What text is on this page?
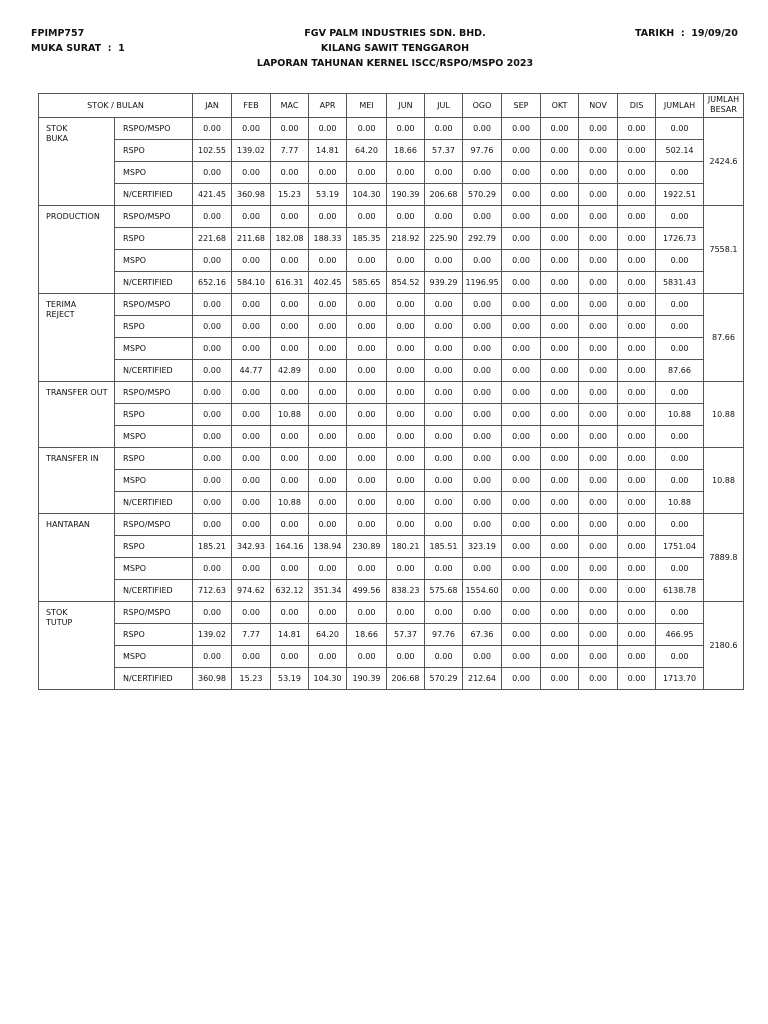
FPIMP757
MUKA SURAT  :  1
FGV PALM INDUSTRIES SDN. BHD.
KILANG SAWIT TENGGAROH
LAPORAN TAHUNAN KERNEL ISCC/RSPO/MSPO 2023
TARIKH  :  19/09/20
STOK / BULAN		JAN	FEB	MAC	APR	MEI	JUN	JUL	OGO	SEP	OKT	NOV	DIS	JUMLAH	JUMLAH
BESAR
STOK
BUKA	RSPO/MSPO	0.00	0.00	0.00	0.00	0.00	0.00	0.00	0.00	0.00	0.00	0.00	0.00	0.00	2424.6
	RSPO	102.55	139.02	7.77	14.81	64.20	18.66	57.37	97.76	0.00	0.00	0.00	0.00	502.14	
	MSPO	0.00	0.00	0.00	0.00	0.00	0.00	0.00	0.00	0.00	0.00	0.00	0.00	0.00	
	N/CERTIFIED	421.45	360.98	15.23	53.19	104.30	190.39	206.68	570.29	0.00	0.00	0.00	0.00	1922.51	
PRODUCTION	RSPO/MSPO	0.00	0.00	0.00	0.00	0.00	0.00	0.00	0.00	0.00	0.00	0.00	0.00	0.00	7558.1
	RSPO	221.68	211.68	182.08	188.33	185.35	218.92	225.90	292.79	0.00	0.00	0.00	0.00	1726.73	
	MSPO	0.00	0.00	0.00	0.00	0.00	0.00	0.00	0.00	0.00	0.00	0.00	0.00	0.00	
	N/CERTIFIED	652.16	584.10	616.31	402.45	585.65	854.52	939.29	1196.95	0.00	0.00	0.00	0.00	5831.43	
TERIMA
REJECT	RSPO/MSPO	0.00	0.00	0.00	0.00	0.00	0.00	0.00	0.00	0.00	0.00	0.00	0.00	0.00	87.66
	RSPO	0.00	0.00	0.00	0.00	0.00	0.00	0.00	0.00	0.00	0.00	0.00	0.00	0.00	
	MSPO	0.00	0.00	0.00	0.00	0.00	0.00	0.00	0.00	0.00	0.00	0.00	0.00	0.00	
	N/CERTIFIED	0.00	44.77	42.89	0.00	0.00	0.00	0.00	0.00	0.00	0.00	0.00	0.00	87.66	
TRANSFER OUT	RSPO/MSPO	0.00	0.00	0.00	0.00	0.00	0.00	0.00	0.00	0.00	0.00	0.00	0.00	0.00	10.88
	RSPO	0.00	0.00	10.88	0.00	0.00	0.00	0.00	0.00	0.00	0.00	0.00	0.00	10.88	
	MSPO	0.00	0.00	0.00	0.00	0.00	0.00	0.00	0.00	0.00	0.00	0.00	0.00	0.00	
TRANSFER IN	RSPO	0.00	0.00	0.00	0.00	0.00	0.00	0.00	0.00	0.00	0.00	0.00	0.00	0.00	10.88
	MSPO	0.00	0.00	0.00	0.00	0.00	0.00	0.00	0.00	0.00	0.00	0.00	0.00	0.00	
	N/CERTIFIED	0.00	0.00	10.88	0.00	0.00	0.00	0.00	0.00	0.00	0.00	0.00	0.00	10.88	
HANTARAN	RSPO/MSPO	0.00	0.00	0.00	0.00	0.00	0.00	0.00	0.00	0.00	0.00	0.00	0.00	0.00	7889.8
	RSPO	185.21	342.93	164.16	138.94	230.89	180.21	185.51	323.19	0.00	0.00	0.00	0.00	1751.04	
	MSPO	0.00	0.00	0.00	0.00	0.00	0.00	0.00	0.00	0.00	0.00	0.00	0.00	0.00	
	N/CERTIFIED	712.63	974.62	632.12	351.34	499.56	838.23	575.68	1554.60	0.00	0.00	0.00	0.00	6138.78	
STOK
TUTUP	RSPO/MSPO	0.00	0.00	0.00	0.00	0.00	0.00	0.00	0.00	0.00	0.00	0.00	0.00	0.00	2180.6
	RSPO	139.02	7.77	14.81	64.20	18.66	57.37	97.76	67.36	0.00	0.00	0.00	0.00	466.95	
	MSPO	0.00	0.00	0.00	0.00	0.00	0.00	0.00	0.00	0.00	0.00	0.00	0.00	0.00	
	N/CERTIFIED	360.98	15.23	53.19	104.30	190.39	206.68	570.29	212.64	0.00	0.00	0.00	0.00	1713.70	
